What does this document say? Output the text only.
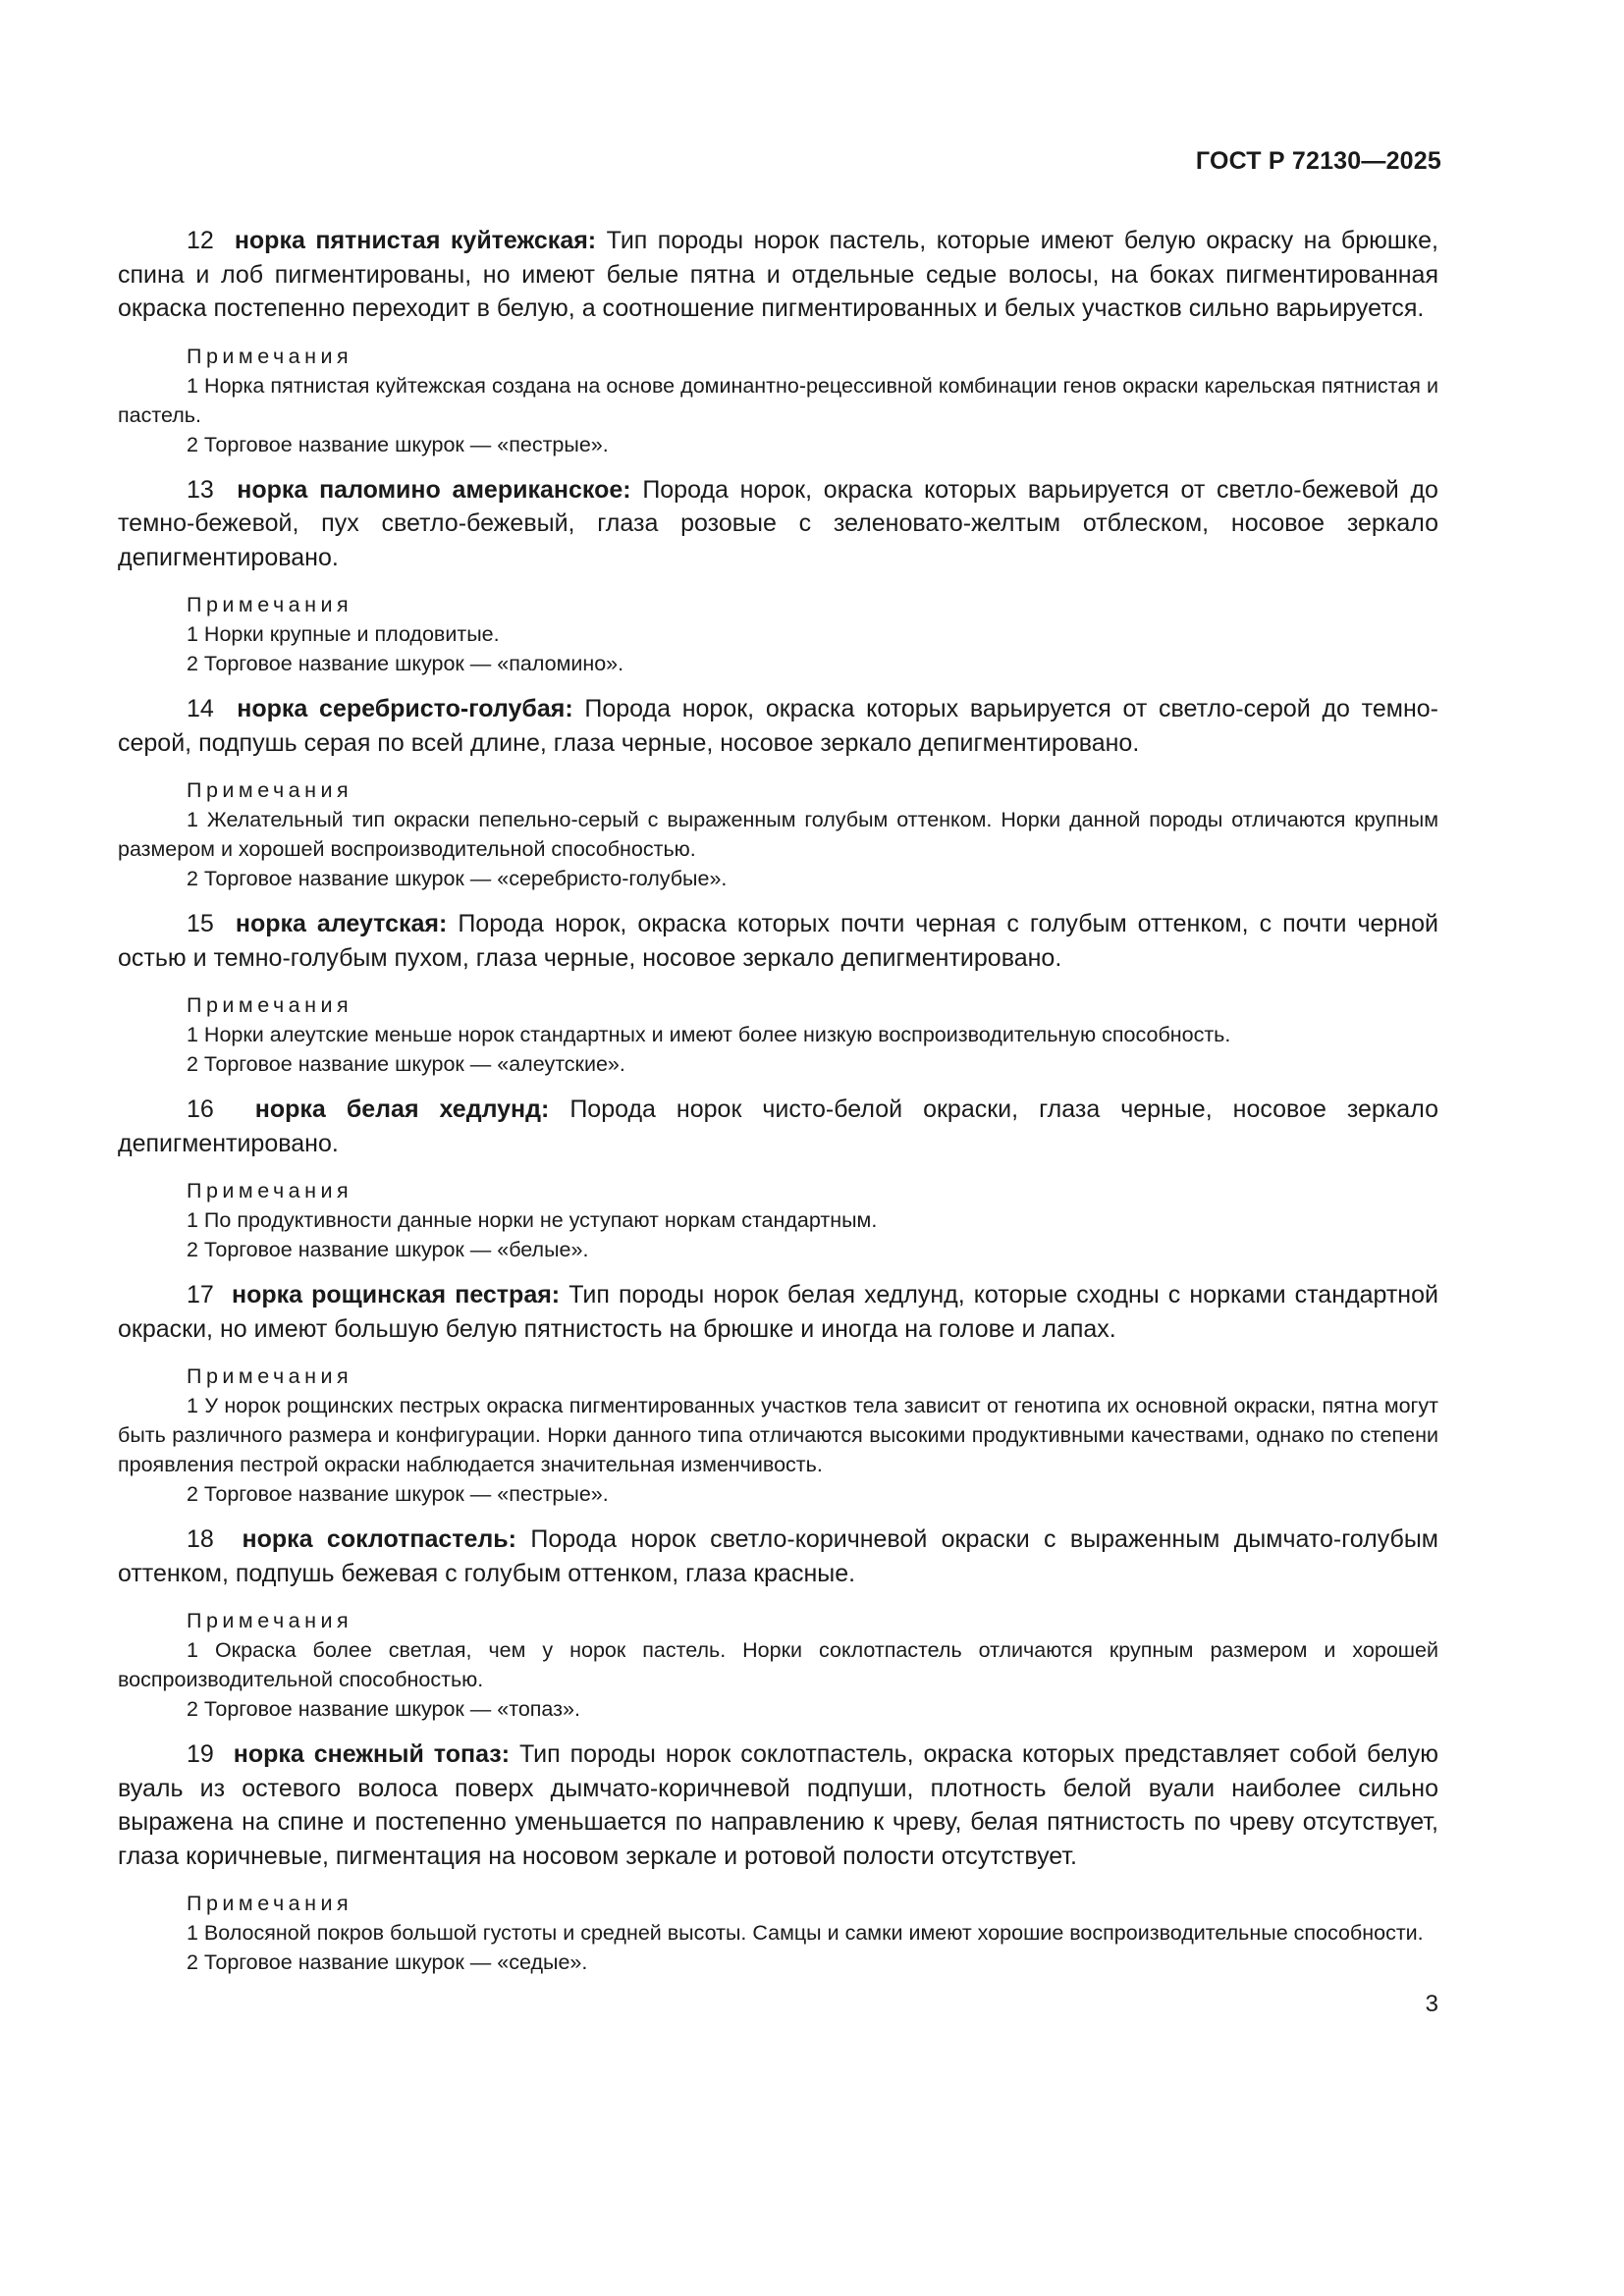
ГОСТ Р 72130—2025

12 норка пятнистая куйтежская: Тип породы норок пастель, которые имеют белую окраску на брюшке, спина и лоб пигментированы, но имеют белые пятна и отдельные седые волосы, на боках пигментированная окраска постепенно переходит в белую, а соотношение пигментированных и белых участков сильно варьируется.

Примечания
1 Норка пятнистая куйтежская создана на основе доминантно-рецессивной комбинации генов окраски карельская пятнистая и пастель.
2 Торговое название шкурок — «пестрые».

13 норка паломино американское: Порода норок, окраска которых варьируется от светло-бежевой до темно-бежевой, пух светло-бежевый, глаза розовые с зеленовато-желтым отблеском, носовое зеркало депигментировано.

Примечания
1 Норки крупные и плодовитые.
2 Торговое название шкурок — «паломино».

14 норка серебристо-голубая: Порода норок, окраска которых варьируется от светло-серой до темно-серой, подпушь серая по всей длине, глаза черные, носовое зеркало депигментировано.

Примечания
1 Желательный тип окраски пепельно-серый с выраженным голубым оттенком. Норки данной породы отличаются крупным размером и хорошей воспроизводительной способностью.
2 Торговое название шкурок — «серебристо-голубые».

15 норка алеутская: Порода норок, окраска которых почти черная с голубым оттенком, с почти черной остью и темно-голубым пухом, глаза черные, носовое зеркало депигментировано.

Примечания
1 Норки алеутские меньше норок стандартных и имеют более низкую воспроизводительную способность.
2 Торговое название шкурок — «алеутские».

16 норка белая хедлунд: Порода норок чисто-белой окраски, глаза черные, носовое зеркало депигментировано.

Примечания
1 По продуктивности данные норки не уступают норкам стандартным.
2 Торговое название шкурок — «белые».

17 норка рощинская пестрая: Тип породы норок белая хедлунд, которые сходны с норками стандартной окраски, но имеют большую белую пятнистость на брюшке и иногда на голове и лапах.

Примечания
1 У норок рощинских пестрых окраска пигментированных участков тела зависит от генотипа их основной окраски, пятна могут быть различного размера и конфигурации. Норки данного типа отличаются высокими продуктивными качествами, однако по степени проявления пестрой окраски наблюдается значительная изменчивость.
2 Торговое название шкурок — «пестрые».

18 норка соклотпастель: Порода норок светло-коричневой окраски с выраженным дымчато-голубым оттенком, подпушь бежевая с голубым оттенком, глаза красные.

Примечания
1 Окраска более светлая, чем у норок пастель. Норки соклотпастель отличаются крупным размером и хорошей воспроизводительной способностью.
2 Торговое название шкурок — «топаз».

19 норка снежный топаз: Тип породы норок соклотпастель, окраска которых представляет собой белую вуаль из остевого волоса поверх дымчато-коричневой подпуши, плотность белой вуали наиболее сильно выражена на спине и постепенно уменьшается по направлению к чреву, белая пятнистость по чреву отсутствует, глаза коричневые, пигментация на носовом зеркале и ротовой полости отсутствует.

Примечания
1 Волосяной покров большой густоты и средней высоты. Самцы и самки имеют хорошие воспроизводительные способности.
2 Торговое название шкурок — «седые».
3
